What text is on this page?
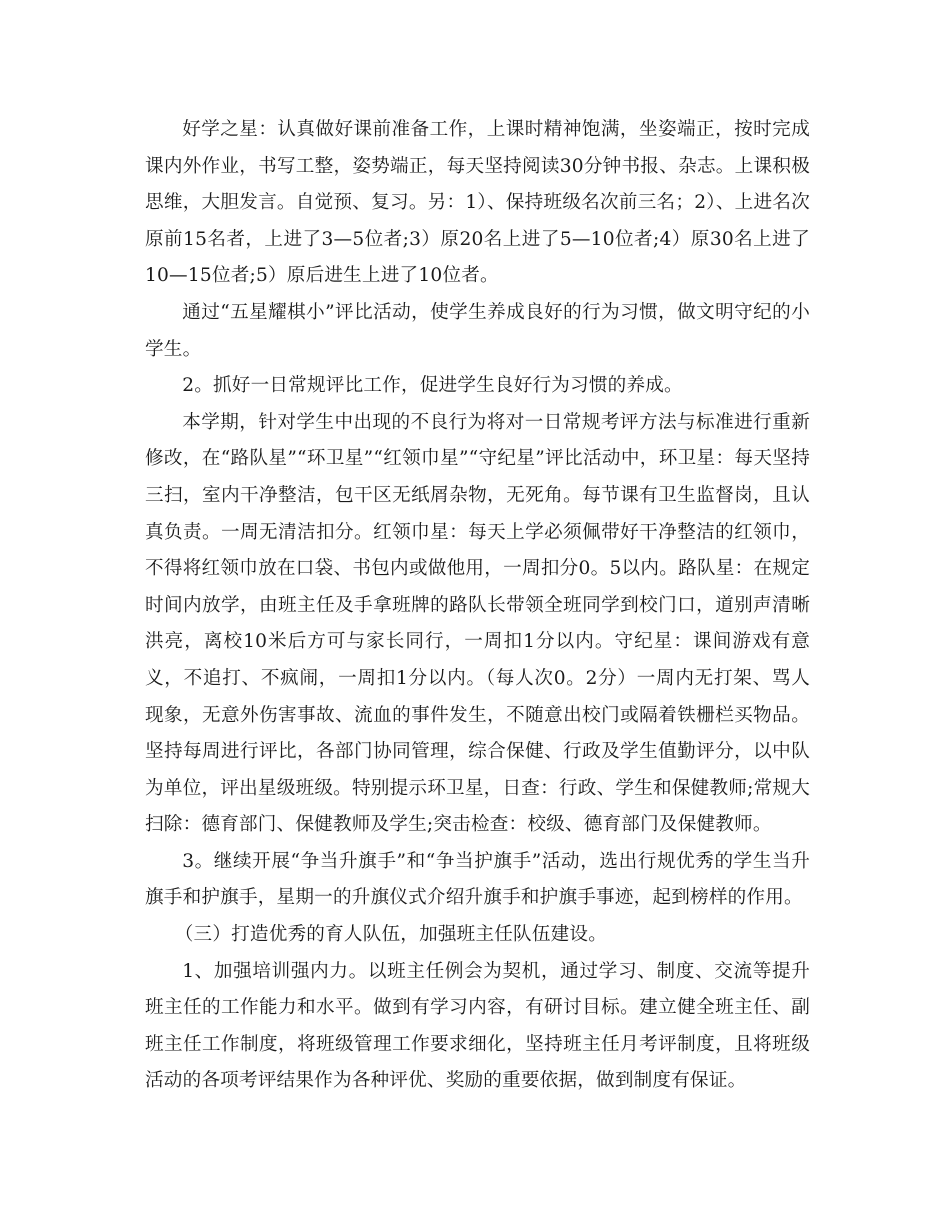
好学之星：认真做好课前准备工作，上课时精神饱满，坐姿端正，按时完成课内外作业，书写工整，姿势端正，每天坚持阅读30分钟书报、杂志。上课积极思维，大胆发言。自觉预、复习。另：1）、保持班级名次前三名；2）、上进名次原前15名者，上进了3—5位者;3）原20名上进了5—10位者;4）原30名上进了10—15位者;5）原后进生上进了10位者。

通过“五星耀棋小”评比活动，使学生养成良好的行为习惯，做文明守纪的小学生。

2。抓好一日常规评比工作，促进学生良好行为习惯的养成。

本学期，针对学生中出现的不良行为将对一日常规考评方法与标准进行重新修改，在“路队星”“环卫星”“红领巾星”“守纪星”评比活动中，环卫星：每天坚持三扫，室内干净整洁，包干区无纸屑杂物，无死角。每节课有卫生监督岗，且认真负责。一周无清洁扣分。红领巾星：每天上学必须佩带好干净整洁的红领巾，不得将红领巾放在口袋、书包内或做他用，一周扣分0。5以内。路队星：在规定时间内放学，由班主任及手拿班牌的路队长带领全班同学到校门口，道别声清晰洪亮，离校10米后方可与家长同行，一周扣1分以内。守纪星：课间游戏有意义，不追打、不疯闹，一周扣1分以内。（每人次0。2分）一周内无打架、骂人现象，无意外伤害事故、流血的事件发生，不随意出校门或隔着铁栅栏买物品。坚持每周进行评比，各部门协同管理，综合保健、行政及学生值勤评分，以中队为单位，评出星级班级。特别提示环卫星，日查：行政、学生和保健教师;常规大扫除：德育部门、保健教师及学生;突击检查：校级、德育部门及保健教师。

3。继续开展“争当升旗手”和“争当护旗手”活动，选出行规优秀的学生当升旗手和护旗手，星期一的升旗仪式介绍升旗手和护旗手事迹，起到榜样的作用。

（三）打造优秀的育人队伍，加强班主任队伍建设。

1、加强培训强内力。以班主任例会为契机，通过学习、制度、交流等提升班主任的工作能力和水平。做到有学习内容，有研讨目标。建立健全班主任、副班主任工作制度，将班级管理工作要求细化，坚持班主任月考评制度，且将班级活动的各项考评结果作为各种评优、奖励的重要依据，做到制度有保证。
